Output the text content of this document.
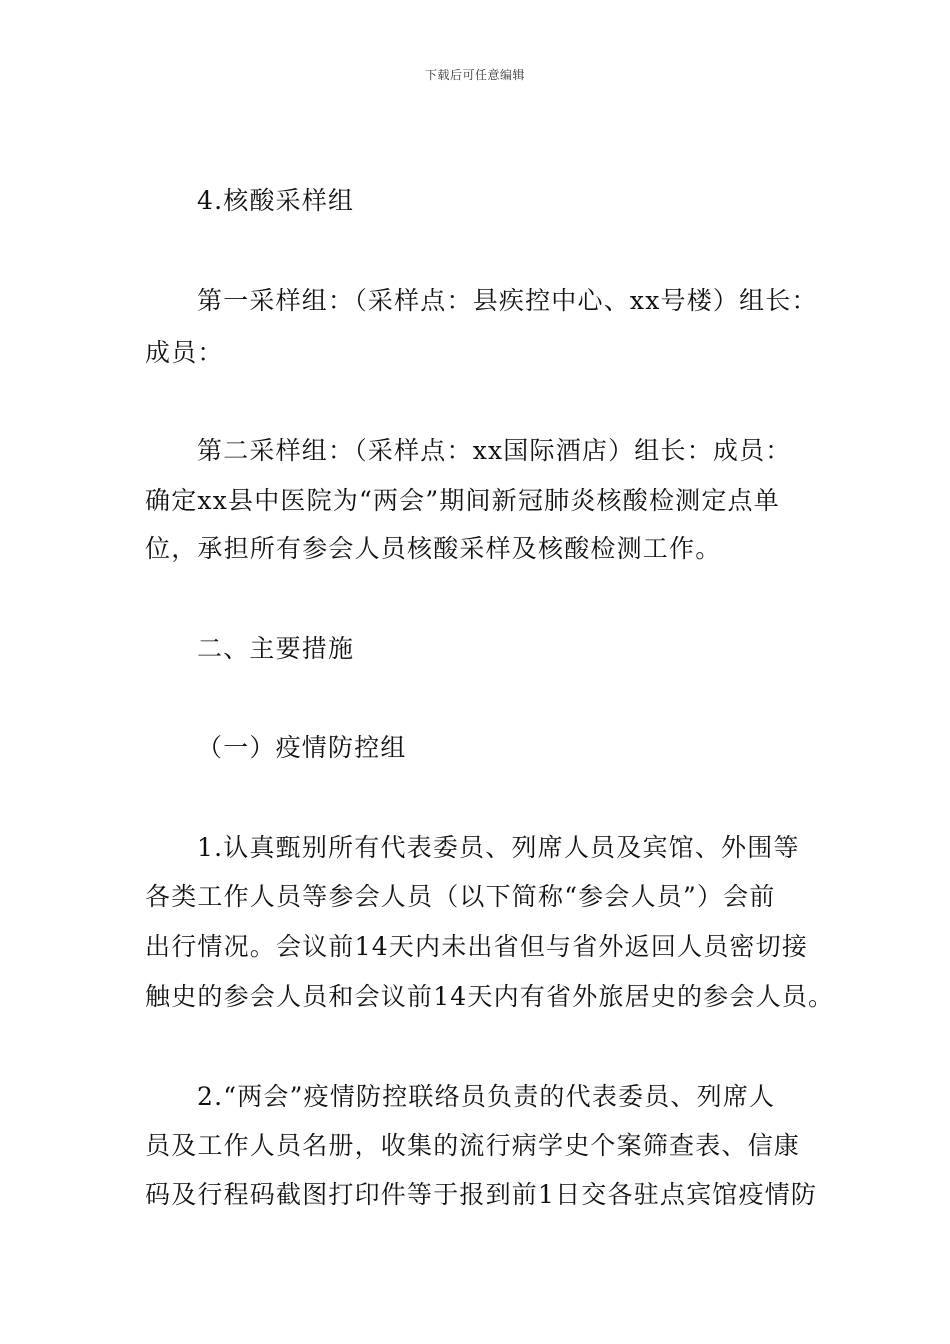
下载后可任意编辑
4.核酸采样组
第一采样组：（采样点：县疾控中心、xx号楼）组长：
成员：
第二采样组：（采样点：xx国际酒店）组长：成员：
确定xx县中医院为“两会”期间新冠肺炎核酸检测定点单
位，承担所有参会人员核酸采样及核酸检测工作。
二、主要措施
（一）疫情防控组
1.认真甄别所有代表委员、列席人员及宾馆、外围等
各类工作人员等参会人员（以下简称“参会人员”）会前
出行情况。会议前14天内未出省但与省外返回人员密切接
触史的参会人员和会议前14天内有省外旅居史的参会人员。
2.“两会”疫情防控联络员负责的代表委员、列席人
员及工作人员名册，收集的流行病学史个案筛查表、信康
码及行程码截图打印件等于报到前1日交各驻点宾馆疫情防
